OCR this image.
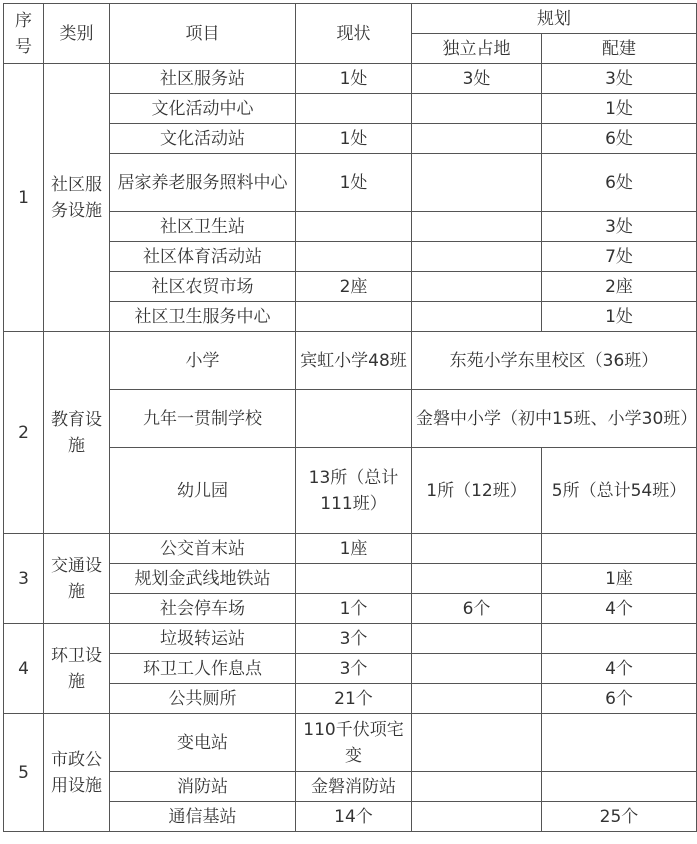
序号	类别	项目	现状	规划	
				独立占地	配建
1	社区服务设施	社区服务站	1处	3处	3处
		文化活动中心			1处
		文化活动站	1处		6处
		居家养老服务照料中心	1处		6处
		社区卫生站			3处
		社区体育活动站			7处
		社区农贸市场	2座		2座
		社区卫生服务中心			1处
2	教育设施	小学	宾虹小学48班	东苑小学东里校区（36班）	
		九年一贯制学校		金磐中小学（初中15班、小学30班）	
		幼儿园	13所（总计111班）	1所（12班）	5所（总计54班）
3	交通设施	公交首末站	1座		
		规划金武线地铁站			1座
		社会停车场	1个	6个	4个
4	环卫设施	垃圾转运站	3个		
		环卫工人作息点	3个		4个
		公共厕所	21个		6个
5	市政公用设施	变电站	110千伏项宅变		
		消防站	金磐消防站		
		通信基站	14个		25个
